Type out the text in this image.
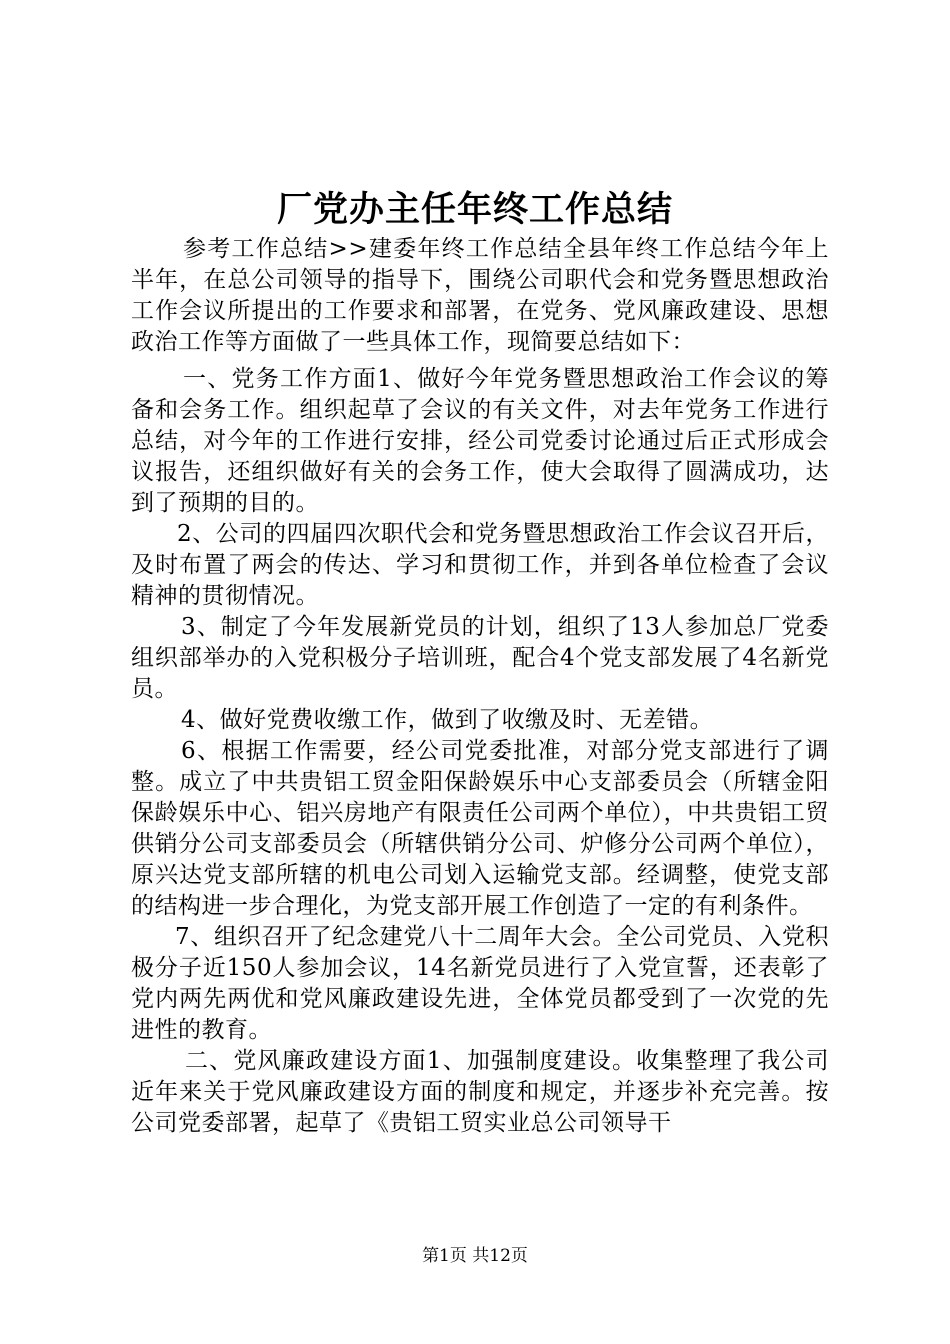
厂党办主任年终工作总结

参考工作总结>>建委年终工作总结全县年终工作总结今年上半年，在总公司领导的指导下，围绕公司职代会和党务暨思想政治工作会议所提出的工作要求和部署，在党务、党风廉政建设、思想政治工作等方面做了一些具体工作，现简要总结如下：

一、党务工作方面1、做好今年党务暨思想政治工作会议的筹备和会务工作。组织起草了会议的有关文件，对去年党务工作进行总结，对今年的工作进行安排，经公司党委讨论通过后正式形成会议报告，还组织做好有关的会务工作，使大会取得了圆满成功，达到了预期的目的。

2、公司的四届四次职代会和党务暨思想政治工作会议召开后，及时布置了两会的传达、学习和贯彻工作，并到各单位检查了会议精神的贯彻情况。

3、制定了今年发展新党员的计划，组织了13人参加总厂党委组织部举办的入党积极分子培训班，配合4个党支部发展了4名新党员。

4、做好党费收缴工作，做到了收缴及时、无差错。

6、根据工作需要，经公司党委批准，对部分党支部进行了调整。成立了中共贵铝工贸金阳保龄娱乐中心支部委员会（所辖金阳保龄娱乐中心、铝兴房地产有限责任公司两个单位），中共贵铝工贸供销分公司支部委员会（所辖供销分公司、炉修分公司两个单位），原兴达党支部所辖的机电公司划入运输党支部。经调整，使党支部的结构进一步合理化，为党支部开展工作创造了一定的有利条件。

7、组织召开了纪念建党八十二周年大会。全公司党员、入党积极分子近150人参加会议，14名新党员进行了入党宣誓，还表彰了党内两先两优和党风廉政建设先进，全体党员都受到了一次党的先进性的教育。

二、党风廉政建设方面1、加强制度建设。收集整理了我公司近年来关于党风廉政建设方面的制度和规定，并逐步补充完善。按公司党委部署，起草了《贵铝工贸实业总公司领导干

第1页 共12页
